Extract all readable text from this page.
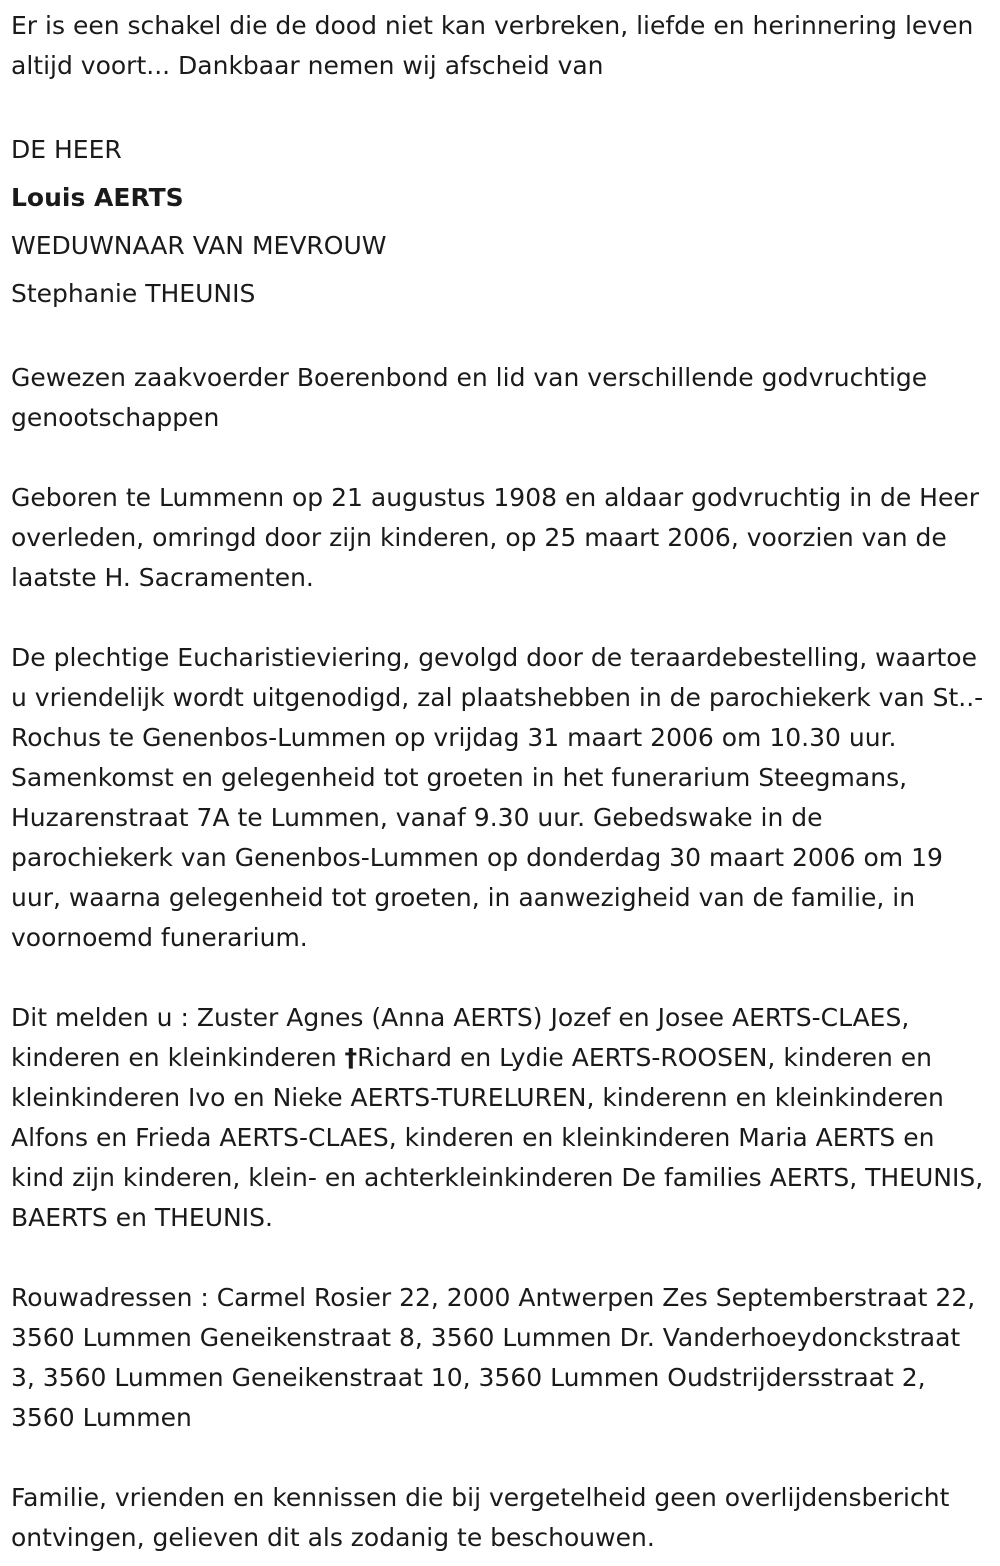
Er is een schakel die de dood niet kan verbreken, liefde en herinnering leven altijd voort... Dankbaar nemen wij afscheid van

DE HEER

Louis AERTS

WEDUWNAAR VAN MEVROUW

Stephanie THEUNIS

Gewezen zaakvoerder Boerenbond en lid van verschillende godvruchtige genootschappen

Geboren te Lummenn op 21 augustus 1908 en aldaar godvruchtig in de Heer overleden, omringd door zijn kinderen, op 25 maart 2006, voorzien van de laatste H. Sacramenten.

De plechtige Eucharistieviering, gevolgd door de teraardebestelling, waartoe u vriendelijk wordt uitgenodigd, zal plaatshebben in de parochiekerk van St..-Rochus te Genenbos-Lummen op vrijdag 31 maart 2006 om 10.30 uur. Samenkomst en gelegenheid tot groeten in het funerarium Steegmans, Huzarenstraat 7A te Lummen, vanaf 9.30 uur. Gebedswake in de parochiekerk van Genenbos-Lummen op donderdag 30 maart 2006 om 19 uur, waarna gelegenheid tot groeten, in aanwezigheid van de familie, in voornoemd funerarium.

Dit melden u : Zuster Agnes (Anna AERTS) Jozef en Josee AERTS-CLAES, kinderen en kleinkinderen †Richard en Lydie AERTS-ROOSEN, kinderen en kleinkinderen Ivo en Nieke AERTS-TURELUREN, kinderenn en kleinkinderen Alfons en Frieda AERTS-CLAES, kinderen en kleinkinderen Maria AERTS en kind zijn kinderen, klein- en achterkleinkinderen De families AERTS, THEUNIS, BAERTS en THEUNIS.

Rouwadressen : Carmel Rosier 22, 2000 Antwerpen Zes Septemberstraat 22, 3560 Lummen Geneikenstraat 8, 3560 Lummen Dr. Vanderhoeydonckstraat 3, 3560 Lummen Geneikenstraat 10, 3560 Lummen Oudstrijdersstraat 2, 3560 Lummen

Familie, vrienden en kennissen die bij vergetelheid geen overlijdensbericht ontvingen, gelieven dit als zodanig te beschouwen.
